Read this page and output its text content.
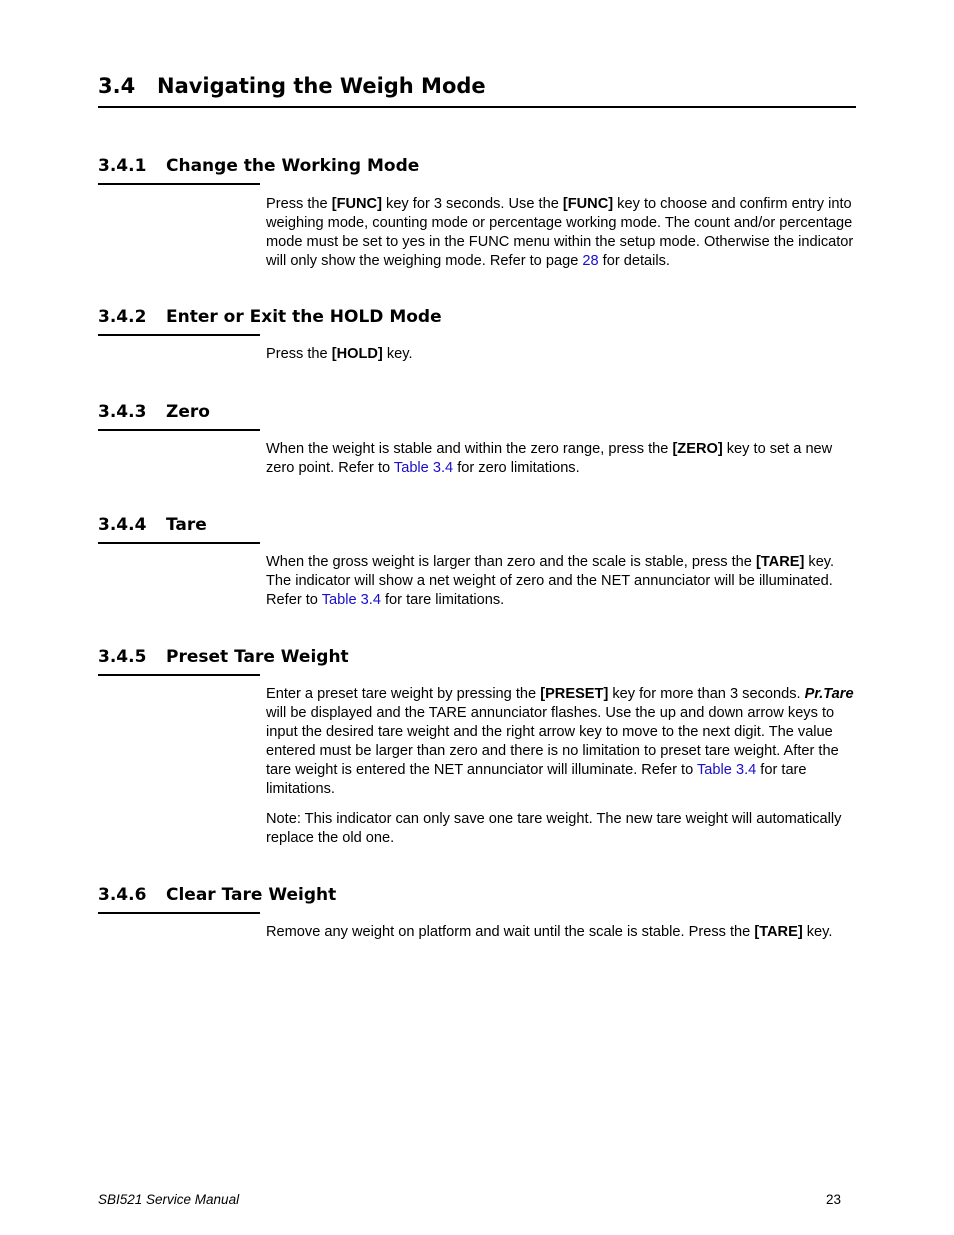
3.4 Navigating the Weigh Mode
3.4.1 Change the Working Mode
Press the [FUNC] key for 3 seconds. Use the [FUNC] key to choose and confirm entry into weighing mode, counting mode or percentage working mode. The count and/or percentage mode must be set to yes in the FUNC menu within the setup mode. Otherwise the indicator will only show the weighing mode. Refer to page 28 for details.
3.4.2 Enter or Exit the HOLD Mode
Press the [HOLD] key.
3.4.3 Zero
When the weight is stable and within the zero range, press the [ZERO] key to set a new zero point. Refer to Table 3.4 for zero limitations.
3.4.4 Tare
When the gross weight is larger than zero and the scale is stable, press the [TARE] key. The indicator will show a net weight of zero and the NET annunciator will be illuminated. Refer to Table 3.4 for tare limitations.
3.4.5 Preset Tare Weight
Enter a preset tare weight by pressing the [PRESET] key for more than 3 seconds. Pr.Tare will be displayed and the TARE annunciator flashes. Use the up and down arrow keys to input the desired tare weight and the right arrow key to move to the next digit. The value entered must be larger than zero and there is no limitation to preset tare weight. After the tare weight is entered the NET annunciator will illuminate. Refer to Table 3.4 for tare limitations.
Note: This indicator can only save one tare weight. The new tare weight will automatically replace the old one.
3.4.6 Clear Tare Weight
Remove any weight on platform and wait until the scale is stable. Press the [TARE] key.
SBI521 Service Manual	23
